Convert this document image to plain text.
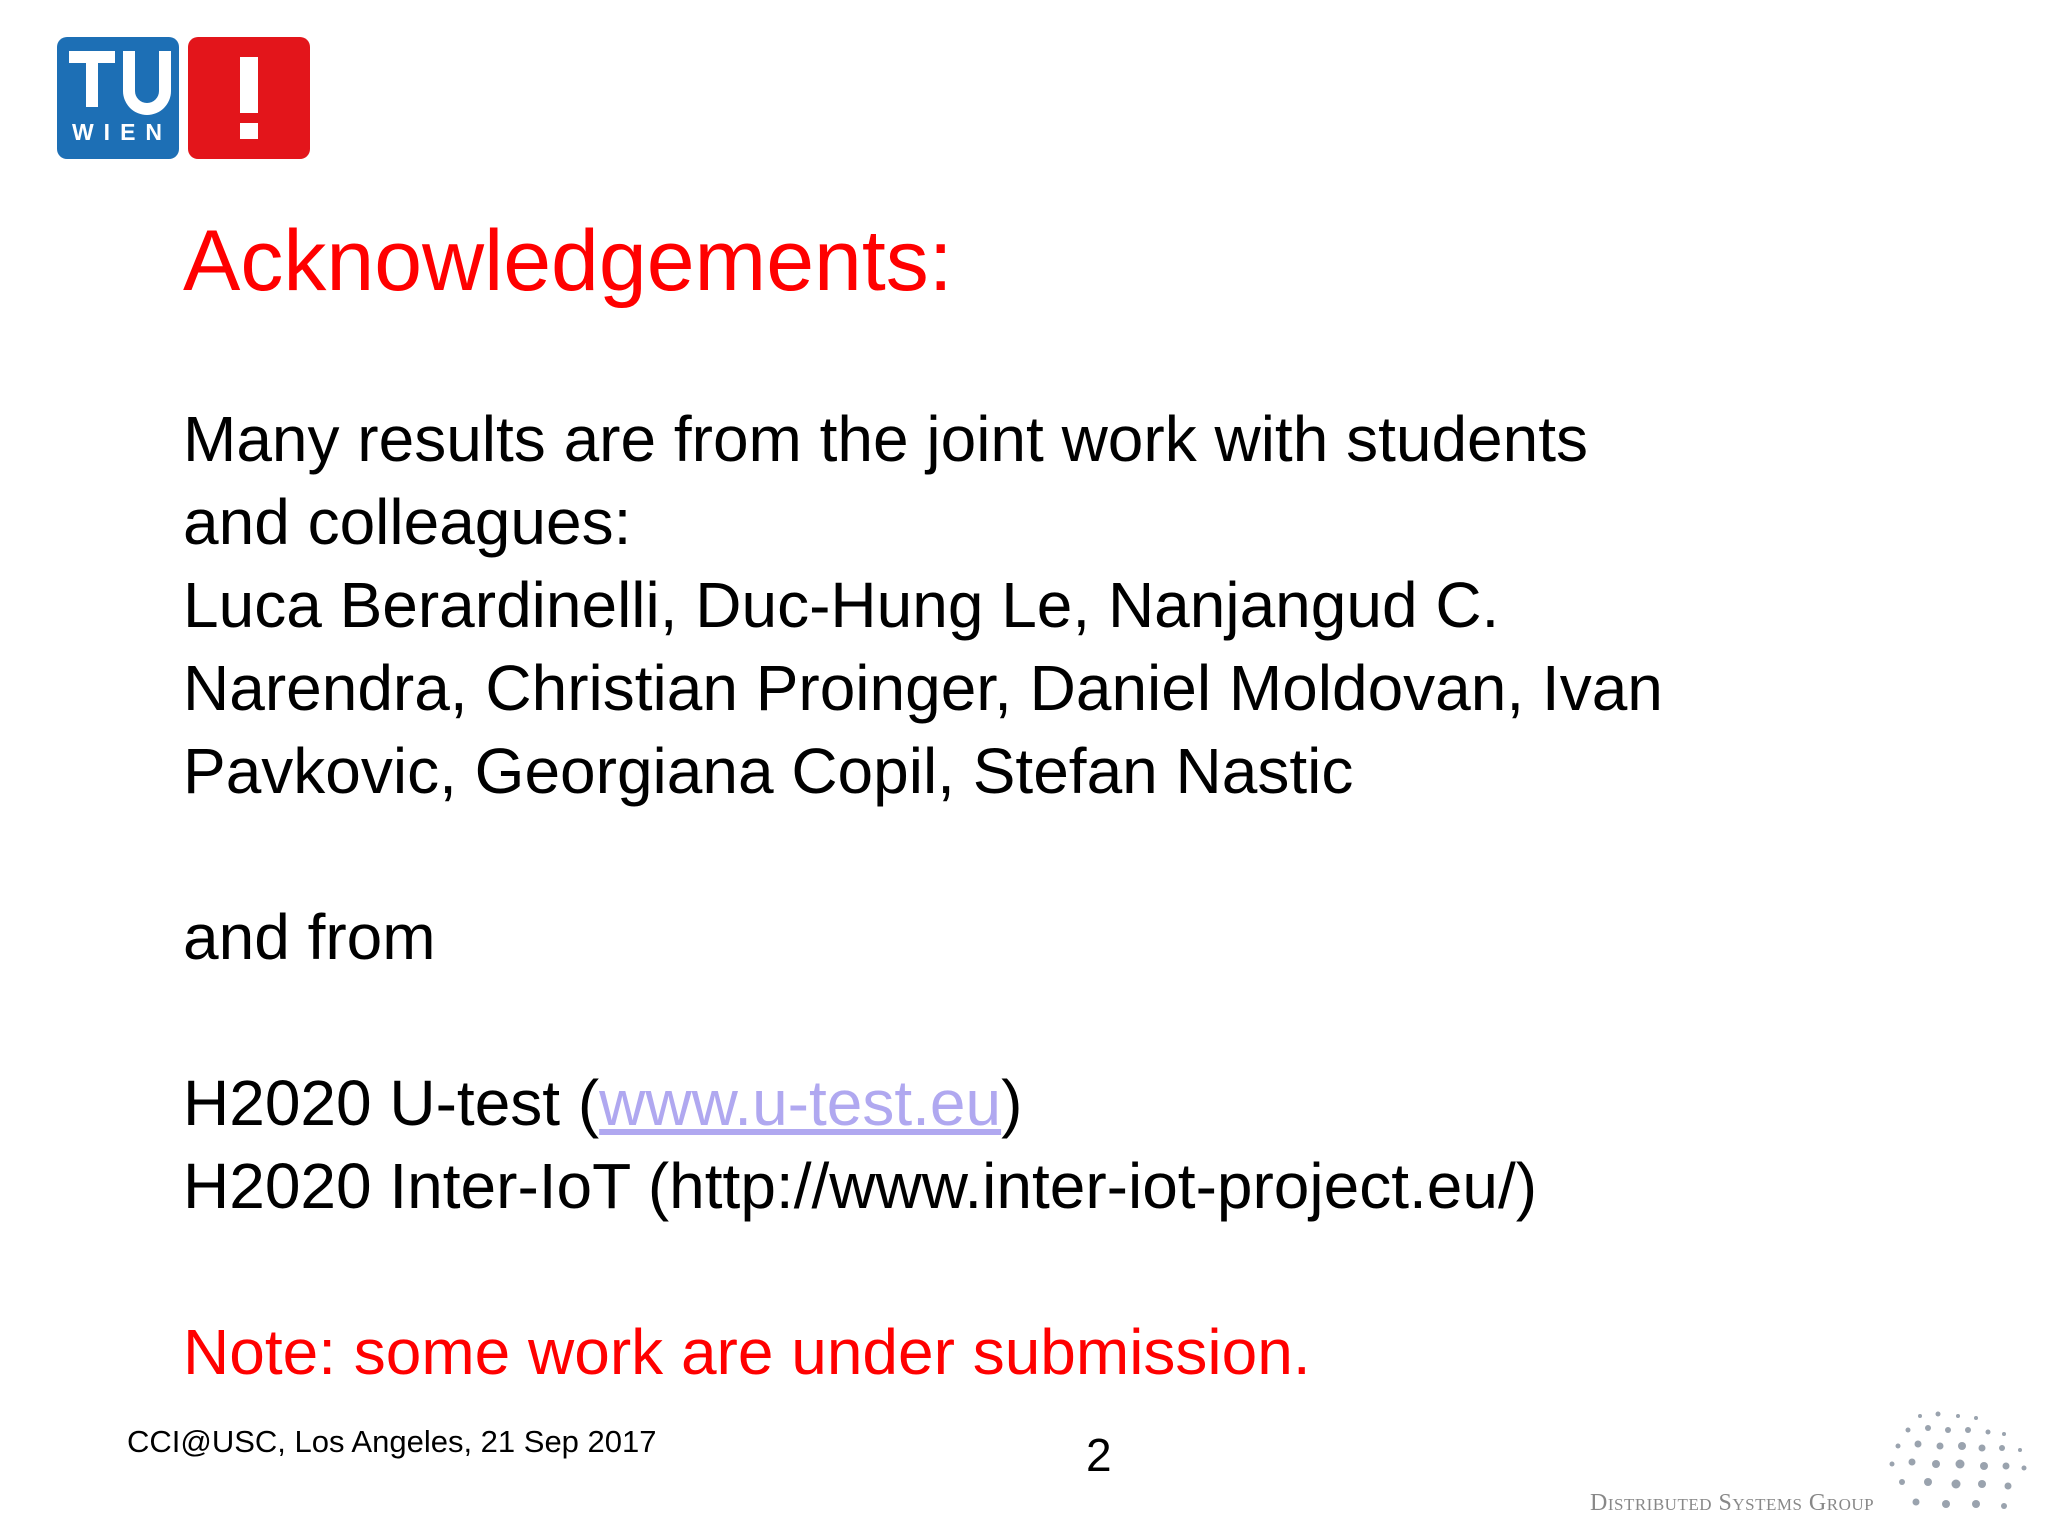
WIEN
Acknowledgements:

Many results are from the joint work with students

and colleagues:

Luca Berardinelli, Duc-Hung Le, Nanjangud C.

Narendra, Christian Proinger, Daniel Moldovan, Ivan

Pavkovic, Georgiana Copil, Stefan Nastic

and from

H2020 U-test (www.u-test.eu)

H2020 Inter-IoT (http://www.inter-iot-project.eu/)

Note: some work are under submission.

CCI@USC, Los Angeles, 21 Sep 2017	2
Distributed Systems Group
